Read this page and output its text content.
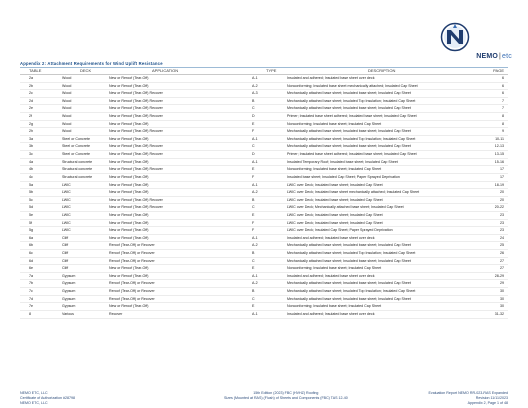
NEMO|etc
Appendix 2: Attachment Requirements for Wind Uplift Resistance
TABLE	DECK	APPLICATION	TYPE	DESCRIPTION	PAGE
2a	Wood	New or Reroof (Tear-Off)	A-1	Insulated and adhered; Insulated base sheet over deck	6
2b	Wood	New or Reroof (Tear-Off)	A-2	Nonconforming; Insulated base sheet mechanically attached; Insulated Cap Sheet	6
2c	Wood	New or Reroof (Tear-Off) Recover	A-3	Mechanically attached base sheet; Insulated base sheet; Insulated Cap Sheet	6
2d	Wood	New or Reroof (Tear-Off) Recover	B	Mechanically attached base sheet; Insulated Top Insulation; Insulated Cap Sheet	7
2e	Wood	New or Reroof (Tear-Off) Recover	C	Mechanically attached base sheet; Insulated base sheet; Insulated Cap Sheet	7
2f	Wood	New or Reroof (Tear-Off) Recover	D	Primer; Insulated base sheet adhered; Insulated base sheet; Insulated Cap Sheet	8
2g	Wood	New or Reroof (Tear-Off)	E	Nonconforming; Insulated base sheet; Insulated Cap Sheet	8
2h	Wood	New or Reroof (Tear-Off) Recover	F	Mechanically attached base sheet; Insulated base sheet; Insulated Cap Sheet	9
3a	Steel or Concrete	New or Reroof (Tear-Off)	A-1	Mechanically attached base sheet; Insulated Top Insulation; Insulated Cap Sheet	10-11
3b	Steel or Concrete	New or Reroof (Tear-Off) Recover	C	Mechanically attached base sheet; Insulated base sheet; Insulated Cap Sheet	12-13
3c	Steel or Concrete	New or Reroof (Tear-Off) Recover	D	Primer; Insulated base sheet adhered; Insulated base sheet; Insulated Cap Sheet	13-15
4a	Structural concrete	New or Reroof (Tear-Off)	A-1	Insulated Temporary Roof; Insulated base sheet; Insulated Cap Sheet	15-16
4b	Structural concrete	New or Reroof (Tear-Off) Recover	E	Nonconforming; Insulated base sheet; Insulated Cap Sheet	17
4c	Structural concrete	New or Reroof (Tear-Off)	F	Insulated base sheet; Insulated Cap Sheet; Paper Sprayed Deprivation	17
5a	LWIC	New or Reroof (Tear-Off)	A-1	LWIC over Deck; Insulated base sheet; Insulated Cap Sheet	18-19
5b	LWIC	New or Reroof (Tear-Off)	A-2	LWIC over Deck; Insulated base sheet mechanically attached; Insulated Cap Sheet	20
5c	LWIC	New or Reroof (Tear-Off) Recover	B	LWIC over Deck; Insulated base sheet; Insulated Cap Sheet	20
5d	LWIC	New or Reroof (Tear-Off) Recover	C	LWIC over Deck; Mechanically attached base sheet; Insulated Cap Sheet	20-22
5e	LWIC	New or Reroof (Tear-Off)	E	LWIC over Deck; Insulated base sheet; Insulated Cap Sheet	23
5f	LWIC	New or Reroof (Tear-Off)	F	LWIC over Deck; Insulated base sheet; Insulated Cap Sheet	23
5g	LWIC	New or Reroof (Tear-Off)	F	LWIC over Deck; Insulated Cap Sheet; Paper Sprayed Deprivation	23
6a	Cliff	New or Reroof (Tear-Off)	A-1	Insulated and adhered; Insulated base sheet over deck	24
6b	Cliff	Reroof (Tear-Off) or Recover	A-2	Mechanically attached base sheet; Insulated base sheet; Insulated Cap Sheet	25
6c	Cliff	Reroof (Tear-Off) or Recover	B	Mechanically attached base sheet; Insulated Top Insulation; Insulated Cap Sheet	26
6d	Cliff	Reroof (Tear-Off) or Recover	C	Mechanically attached base sheet; Insulated base sheet; Insulated Cap Sheet	27
6e	Cliff	New or Reroof (Tear-Off)	E	Nonconforming; Insulated base sheet; Insulated Cap Sheet	27
7a	Gypsum	New or Reroof (Tear-Off)	A-1	Insulated and adhered; Insulated base sheet over deck	28-29
7b	Gypsum	Reroof (Tear-Off) or Recover	A-2	Mechanically attached base sheet; Insulated base sheet; Insulated Cap Sheet	29
7c	Gypsum	Reroof (Tear-Off) or Recover	B	Mechanically attached base sheet; Insulated Top Insulation; Insulated Cap Sheet	30
7d	Gypsum	Reroof (Tear-Off) or Recover	C	Mechanically attached base sheet; Insulated base sheet; Insulated Cap Sheet	30
7e	Gypsum	New or Reroof (Tear-Off)	E	Nonconforming; Insulated base sheet; Insulated Cap Sheet	30
8	Various	Recover	A-1	Insulated and adhered; Insulated base sheet over deck	31-32
NEMO ETC, LLC
Certificate of Authorization #28798
NEMO ETC, LLC
15th Edition (2023) FBC (HVHZ) Roofing
Sizes (Mounted at RAS) (Flush) of Sheets and Components (FBC) TAS 12-40
Evaluation Report NEMO RR-023-RAS Expanded
Revision 11/11/2023
Appendix 2, Page 1 of 48
